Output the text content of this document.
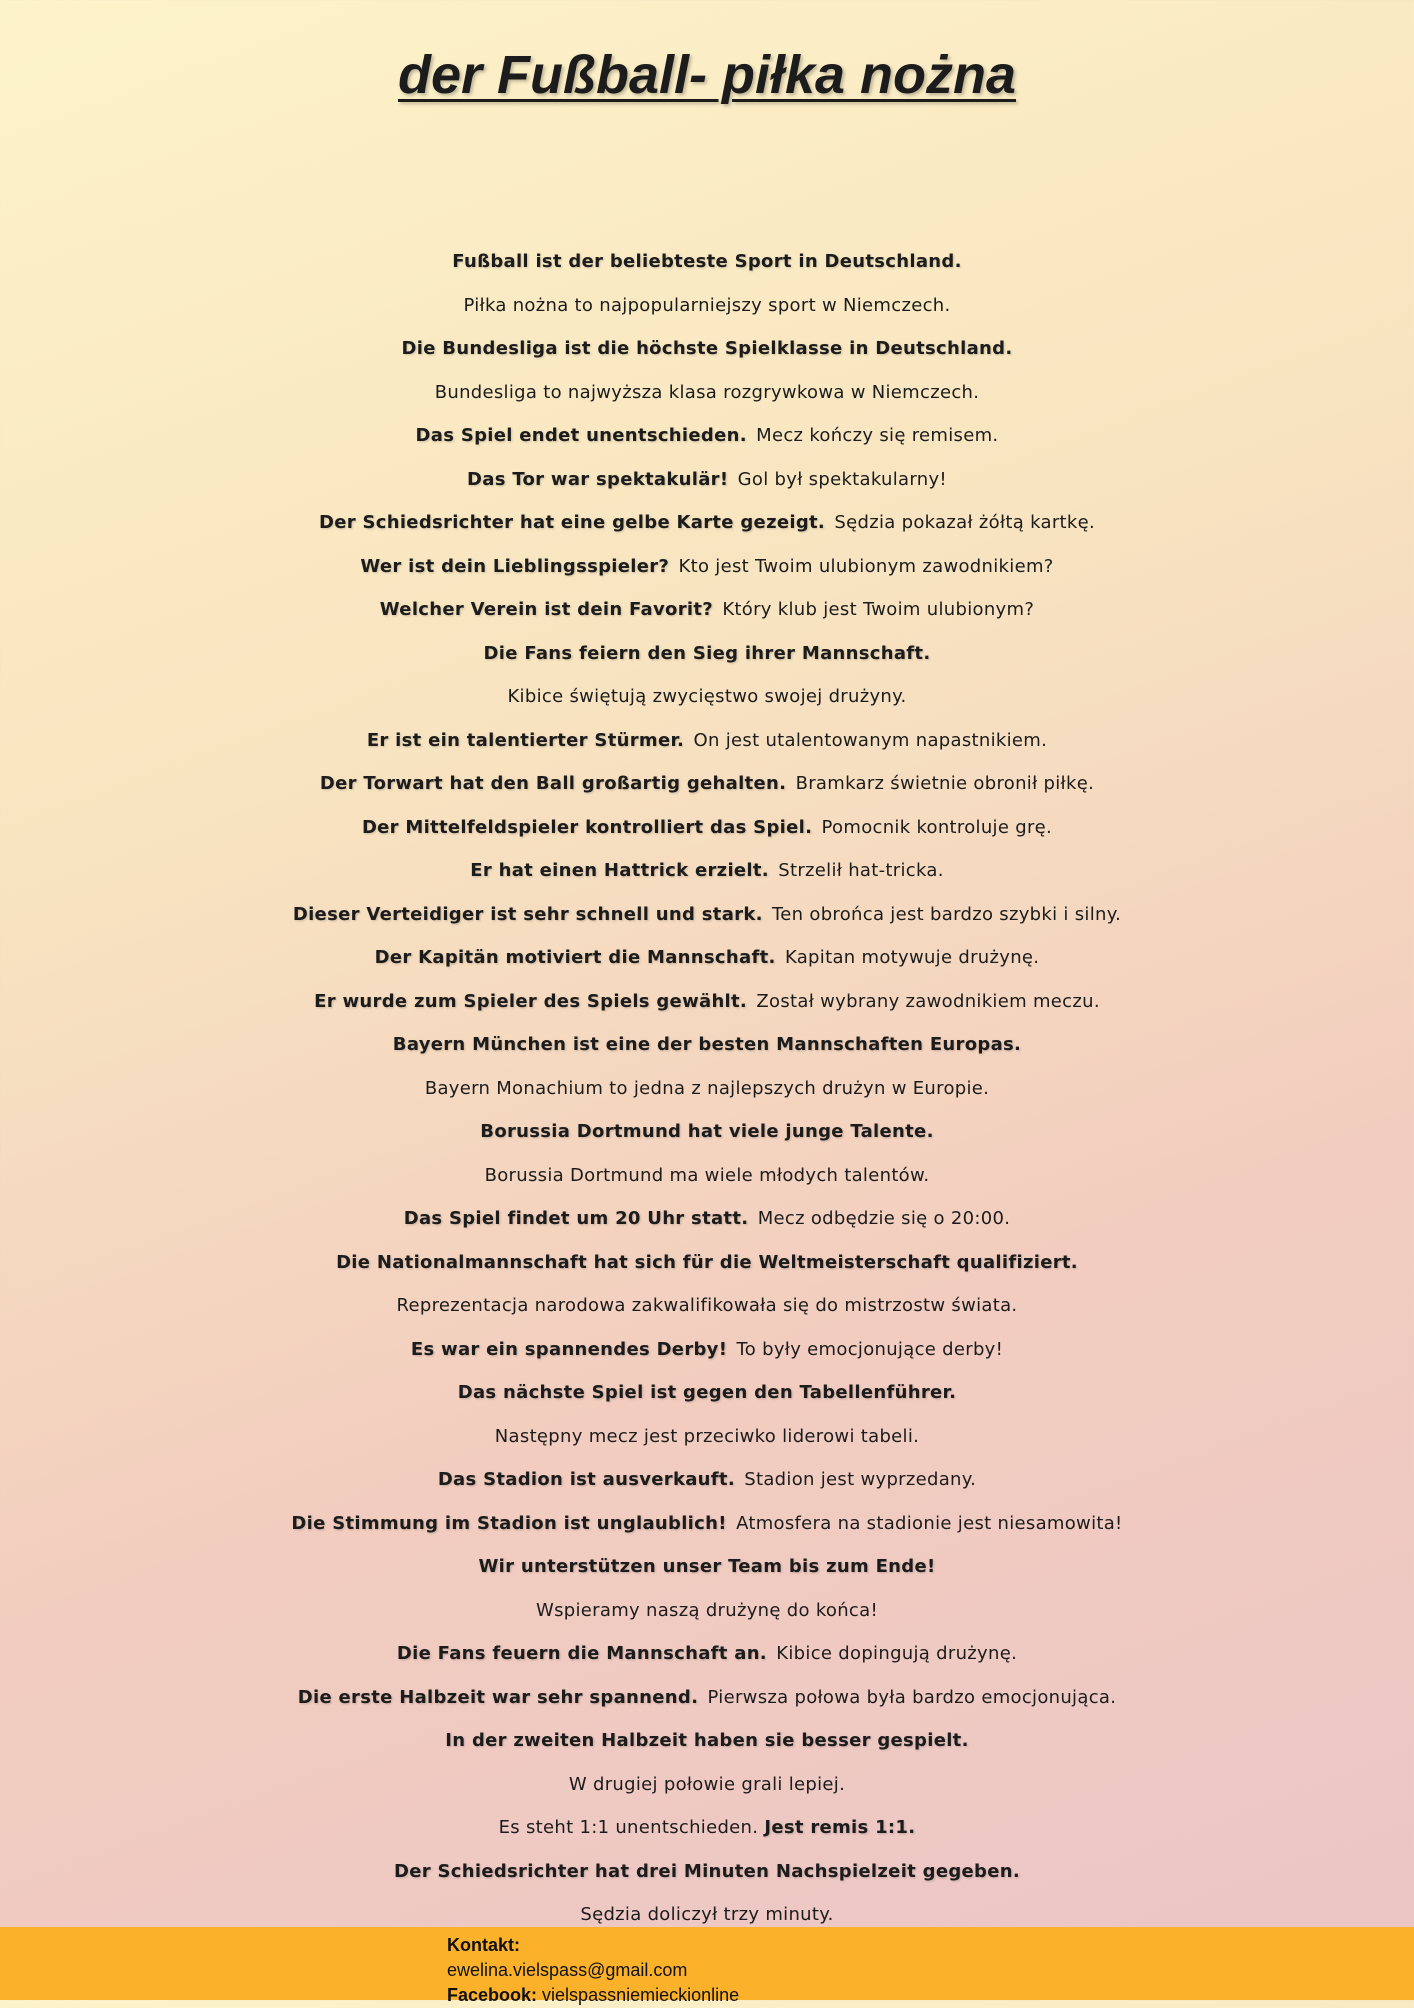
der Fußball- piłka nożna
Fußball ist der beliebteste Sport in Deutschland.
Piłka nożna to najpopularniejszy sport w Niemczech.
Die Bundesliga ist die höchste Spielklasse in Deutschland.
Bundesliga to najwyższa klasa rozgrywkowa w Niemczech.
Das Spiel endet unentschieden.  Mecz kończy się remisem.
Das Tor war spektakulär!  Gol był spektakularny!
Der Schiedsrichter hat eine gelbe Karte gezeigt.  Sędzia pokazał żółtą kartkę.
Wer ist dein Lieblingsspieler?  Kto jest Twoim ulubionym zawodnikiem?
Welcher Verein ist dein Favorit?  Który klub jest Twoim ulubionym?
Die Fans feiern den Sieg ihrer Mannschaft.
Kibice świętują zwycięstwo swojej drużyny.
Er ist ein talentierter Stürmer.  On jest utalentowanym napastnikiem.
Der Torwart hat den Ball großartig gehalten.  Bramkarz świetnie obronił piłkę.
Der Mittelfeldspieler kontrolliert das Spiel.  Pomocnik kontroluje grę.
Er hat einen Hattrick erzielt.  Strzelił hat-tricka.
Dieser Verteidiger ist sehr schnell und stark.  Ten obrońca jest bardzo szybki i silny.
Der Kapitän motiviert die Mannschaft.  Kapitan motywuje drużynę.
Er wurde zum Spieler des Spiels gewählt.  Został wybrany zawodnikiem meczu.
Bayern München ist eine der besten Mannschaften Europas.
Bayern Monachium to jedna z najlepszych drużyn w Europie.
Borussia Dortmund hat viele junge Talente.
Borussia Dortmund ma wiele młodych talentów.
Das Spiel findet um 20 Uhr statt.  Mecz odbędzie się o 20:00.
Die Nationalmannschaft hat sich für die Weltmeisterschaft qualifiziert.
Reprezentacja narodowa zakwalifikowała się do mistrzostw świata.
Es war ein spannendes Derby!  To były emocjonujące derby!
Das nächste Spiel ist gegen den Tabellenführer.
Następny mecz jest przeciwko liderowi tabeli.
Das Stadion ist ausverkauft.  Stadion jest wyprzedany.
Die Stimmung im Stadion ist unglaublich!  Atmosfera na stadionie jest niesamowita!
Wir unterstützen unser Team bis zum Ende!
Wspieramy naszą drużynę do końca!
Die Fans feuern die Mannschaft an.  Kibice dopingują drużynę.
Die erste Halbzeit war sehr spannend.  Pierwsza połowa była bardzo emocjonująca.
In der zweiten Halbzeit haben sie besser gespielt.
W drugiej połowie grali lepiej.
Es steht 1:1 unentschieden. Jest remis 1:1.
Der Schiedsrichter hat drei Minuten Nachspielzeit gegeben.
Sędzia doliczył trzy minuty.
Kontakt:
ewelina.vielspass@gmail.com
Facebook: vielspassniemieckionline
